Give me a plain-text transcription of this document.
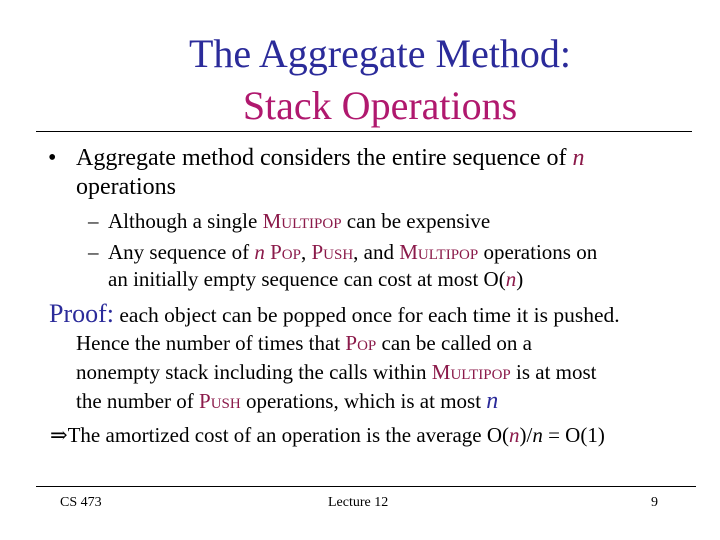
The Aggregate Method:
Stack Operations
• Aggregate method considers the entire sequence of n
operations
– Although a single Multipop can be expensive
– Any sequence of n Pop, Push, and Multipop operations on
an initially empty sequence can cost at most O(n)
Proof: each object can be popped once for each time it is pushed.
Hence the number of times that Pop can be called on a
nonempty stack including the calls within Multipop is at most
the number of Push operations, which is at most n
⇒The amortized cost of an operation is the average O(n)/n = O(1)
CS 473	Lecture 12	9
